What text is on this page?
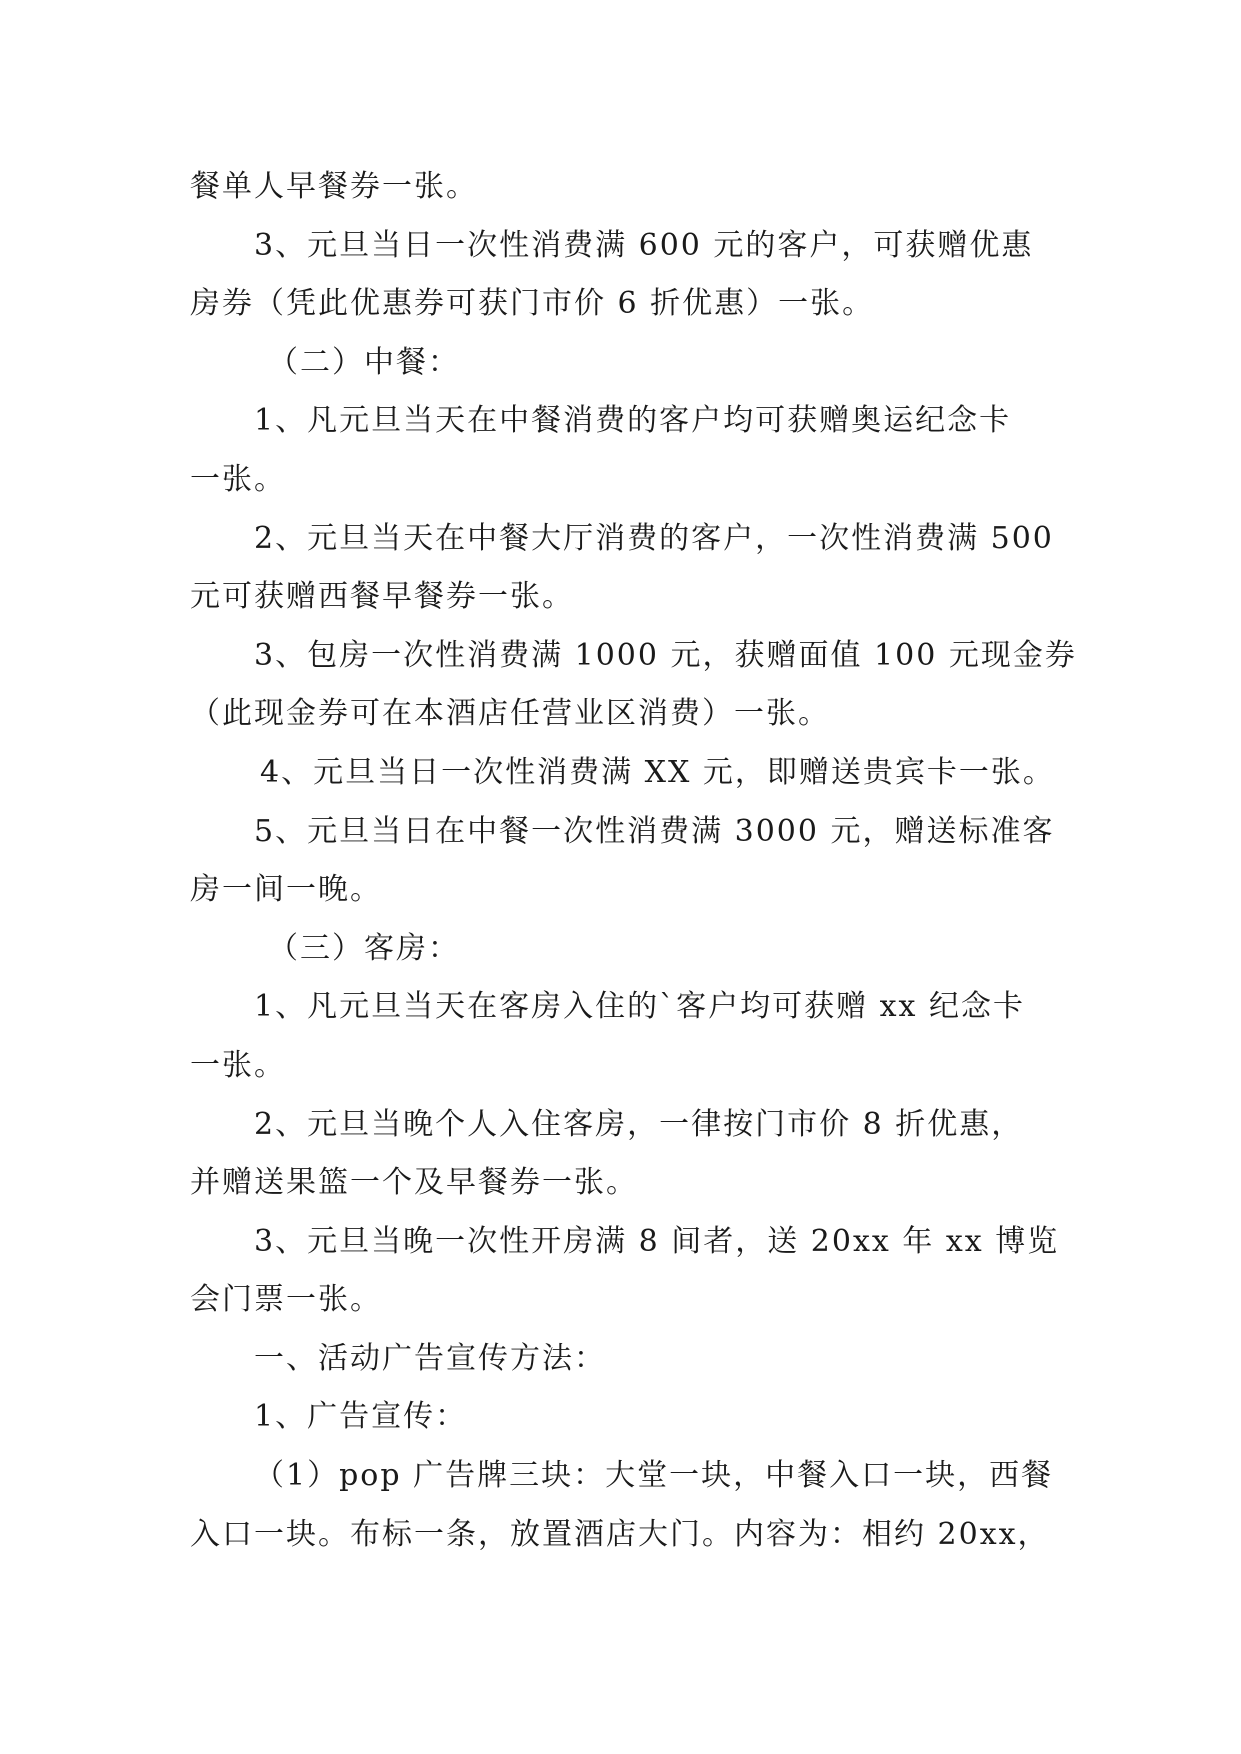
餐单人早餐券一张。
3、元旦当日一次性消费满 600 元的客户，可获赠优惠
房券（凭此优惠券可获门市价 6 折优惠）一张。
（二）中餐：
1、凡元旦当天在中餐消费的客户均可获赠奥运纪念卡
一张。
2、元旦当天在中餐大厅消费的客户，一次性消费满 500
元可获赠西餐早餐券一张。
3、包房一次性消费满 1000 元，获赠面值 100 元现金券
（此现金券可在本酒店任营业区消费）一张。
4、元旦当日一次性消费满 XX 元，即赠送贵宾卡一张。
5、元旦当日在中餐一次性消费满 3000 元，赠送标准客
房一间一晚。
（三）客房：
1、凡元旦当天在客房入住的`客户均可获赠 xx 纪念卡
一张。
2、元旦当晚个人入住客房，一律按门市价 8 折优惠，
并赠送果篮一个及早餐券一张。
3、元旦当晚一次性开房满 8 间者，送 20xx 年 xx 博览
会门票一张。
一、活动广告宣传方法：
1、广告宣传：
（1）pop 广告牌三块：大堂一块，中餐入口一块，西餐
入口一块。布标一条，放置酒店大门。内容为：相约 20xx，
